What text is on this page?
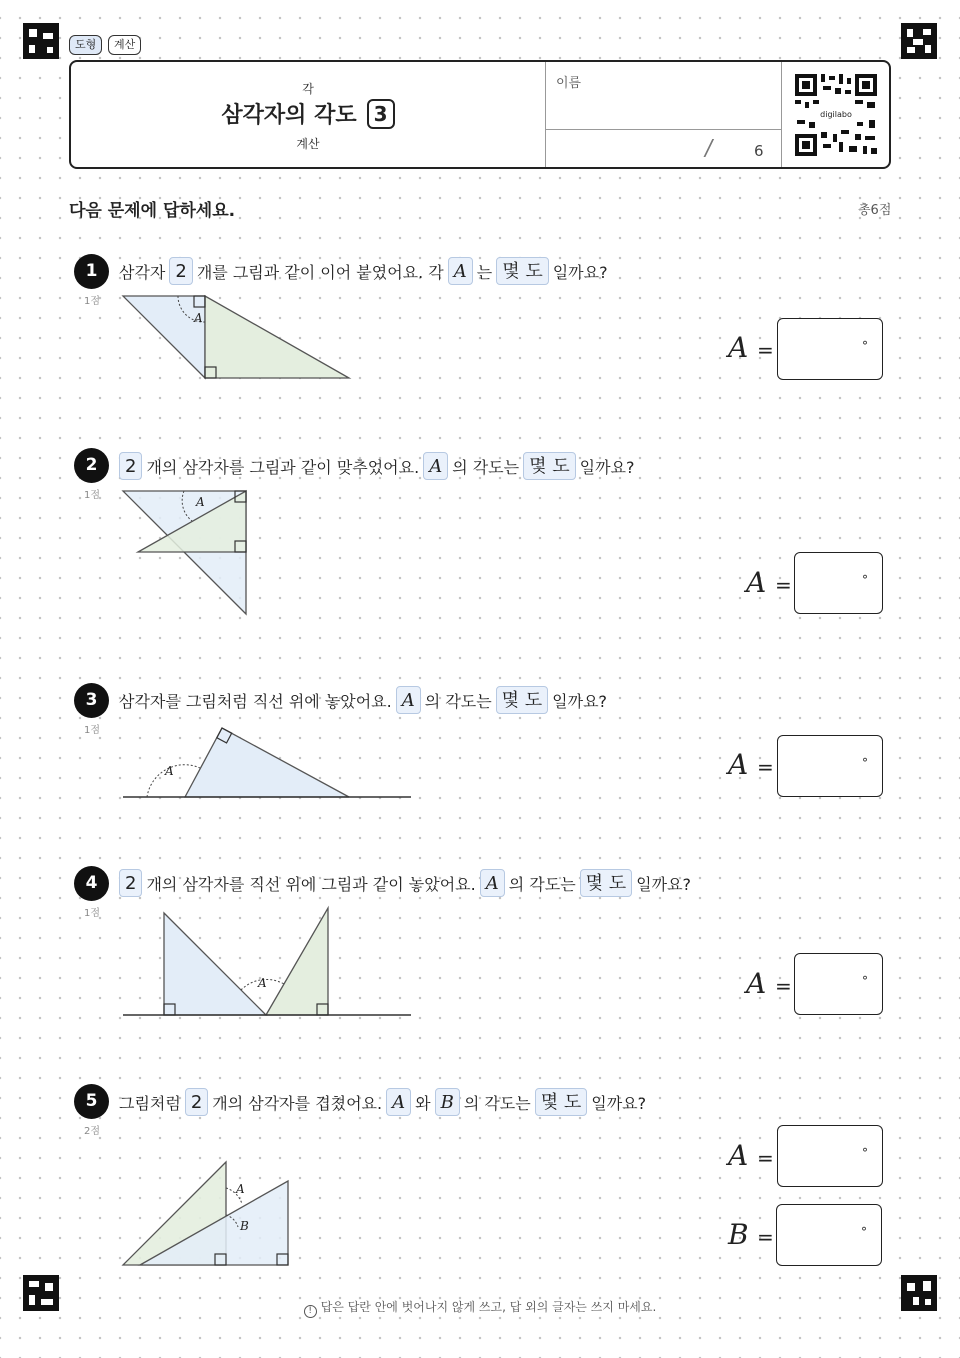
도형	계산
각
삼각자의 각도 3
계산
이름
/	6
digilabo
다음 문제에 답하세요.	총6점
1
1점
삼각자 2 개를 그림과 같이 이어 붙였어요. 각 A 는 몇 도 일까요?
A
A =	°
2
1점
2 개의 삼각자를 그림과 같이 맞추었어요. A 의 각도는 몇 도 일까요?
A
A =	°
3
1점
삼각자를 그림처럼 직선 위에 놓았어요. A 의 각도는 몇 도 일까요?
A	A =	°
4
1점
2 개의 삼각자를 직선 위에 그림과 같이 놓았어요. A 의 각도는 몇 도 일까요?
A	A =	°
5
2점
그림처럼 2 개의 삼각자를 겹쳤어요. A 와 B 의 각도는 몇 도 일까요?
A
B
A =	°
B =	°
! 답은 답란 안에 벗어나지 않게 쓰고, 답 외의 글자는 쓰지 마세요.
